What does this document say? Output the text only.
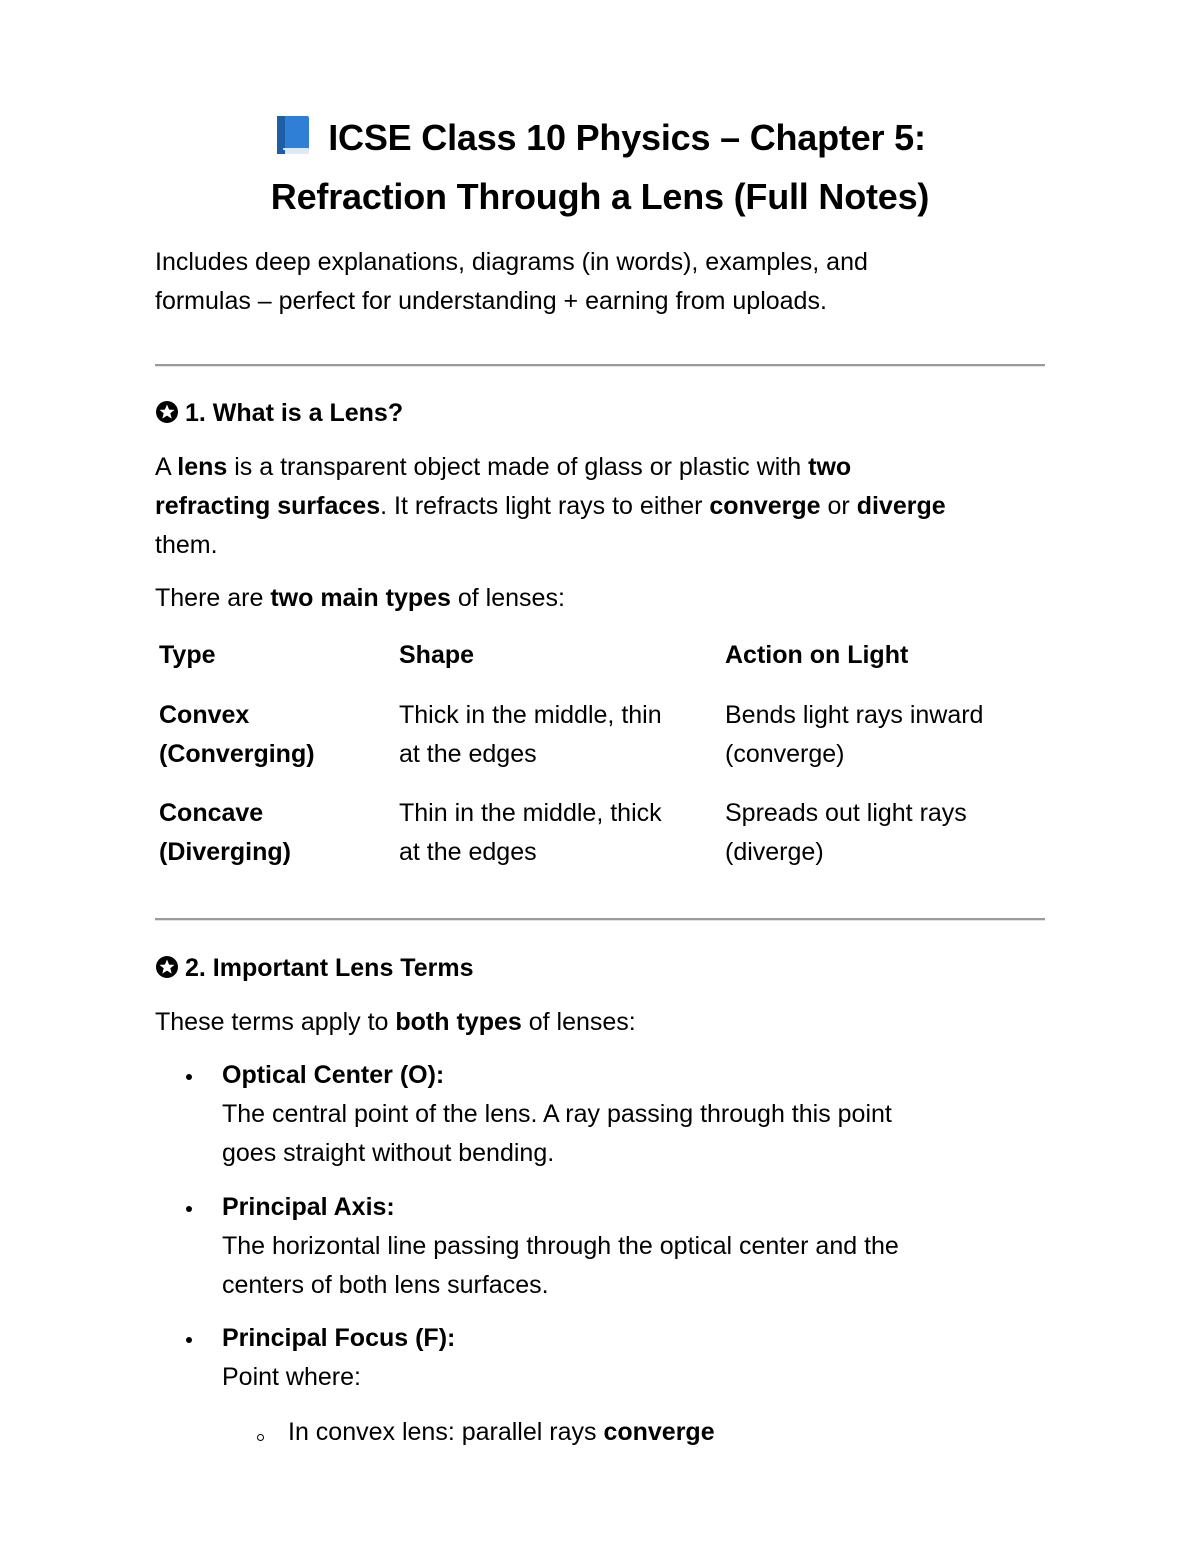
ICSE Class 10 Physics – Chapter 5:
Refraction Through a Lens (Full Notes)
Includes deep explanations, diagrams (in words), examples, and
formulas – perfect for understanding + earning from uploads.
1. What is a Lens?
A lens is a transparent object made of glass or plastic with two
refracting surfaces. It refracts light rays to either converge or diverge
them.
There are two main types of lenses:
Type	Shape	Action on Light
Convex
(Converging)
Thick in the middle, thin
at the edges
Bends light rays inward
(converge)
Concave
(Diverging)
Thin in the middle, thick
at the edges
Spreads out light rays
(diverge)
2. Important Lens Terms
These terms apply to both types of lenses:
Optical Center (O):
The central point of the lens. A ray passing through this point
goes straight without bending.
Principal Axis:
The horizontal line passing through the optical center and the
centers of both lens surfaces.
Principal Focus (F):
Point where:
In convex lens: parallel rays converge
